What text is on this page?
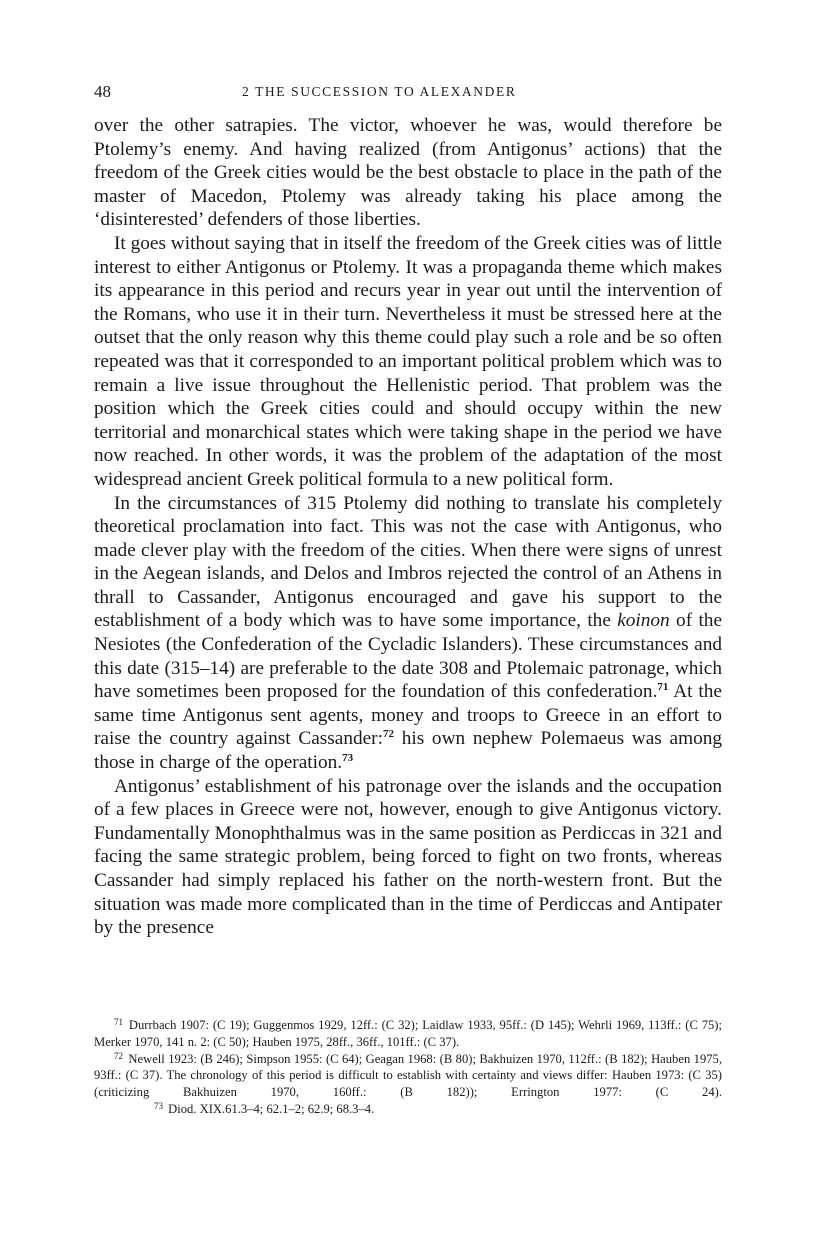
48	2 THE SUCCESSION TO ALEXANDER

over the other satrapies. The victor, whoever he was, would therefore be Ptolemy’s enemy. And having realized (from Antigonus’ actions) that the freedom of the Greek cities would be the best obstacle to place in the path of the master of Macedon, Ptolemy was already taking his place among the ‘disinterested’ defenders of those liberties.

It goes without saying that in itself the freedom of the Greek cities was of little interest to either Antigonus or Ptolemy. It was a propaganda theme which makes its appearance in this period and recurs year in year out until the intervention of the Romans, who use it in their turn. Nevertheless it must be stressed here at the outset that the only reason why this theme could play such a role and be so often repeated was that it corresponded to an important political problem which was to remain a live issue throughout the Hellenistic period. That problem was the position which the Greek cities could and should occupy within the new territorial and monarchical states which were taking shape in the period we have now reached. In other words, it was the problem of the adaptation of the most widespread ancient Greek political formula to a new political form.

In the circumstances of 315 Ptolemy did nothing to translate his completely theoretical proclamation into fact. This was not the case with Antigonus, who made clever play with the freedom of the cities. When there were signs of unrest in the Aegean islands, and Delos and Imbros rejected the control of an Athens in thrall to Cassander, Antigonus encouraged and gave his support to the establishment of a body which was to have some importance, the koinon of the Nesiotes (the Confederation of the Cycladic Islanders). These circumstances and this date (315–14) are preferable to the date 308 and Ptolemaic patronage, which have sometimes been proposed for the foundation of this confederation.$^{71}$ At the same time Antigonus sent agents, money and troops to Greece in an effort to raise the country against Cassander:$^{72}$ his own nephew Polemaeus was among those in charge of the operation.$^{73}$

Antigonus’ establishment of his patronage over the islands and the occupation of a few places in Greece were not, however, enough to give Antigonus victory. Fundamentally Monophthalmus was in the same position as Perdiccas in 321 and facing the same strategic problem, being forced to fight on two fronts, whereas Cassander had simply replaced his father on the north-western front. But the situation was made more complicated than in the time of Perdiccas and Antipater by the presence

$^{71}$ Durrbach 1907: (C 19); Guggenmos 1929, 12ff.: (C 32); Laidlaw 1933, 95ff.: (D 145); Wehrli 1969, 113ff.: (C 75); Merker 1970, 141 n. 2: (C 50); Hauben 1975, 28ff., 36ff., 101ff.: (C 37).

$^{72}$ Newell 1923: (B 246); Simpson 1955: (C 64); Geagan 1968: (B 80); Bakhuizen 1970, 112ff.: (B 182); Hauben 1975, 93ff.: (C 37). The chronology of this period is difficult to establish with certainty and views differ: Hauben 1973: (C 35) (criticizing Bakhuizen 1970, 160ff.: (B 182)); Errington 1977: (C 24). $^{73}$ Diod. XIX.61.3–4; 62.1–2; 62.9; 68.3–4.
